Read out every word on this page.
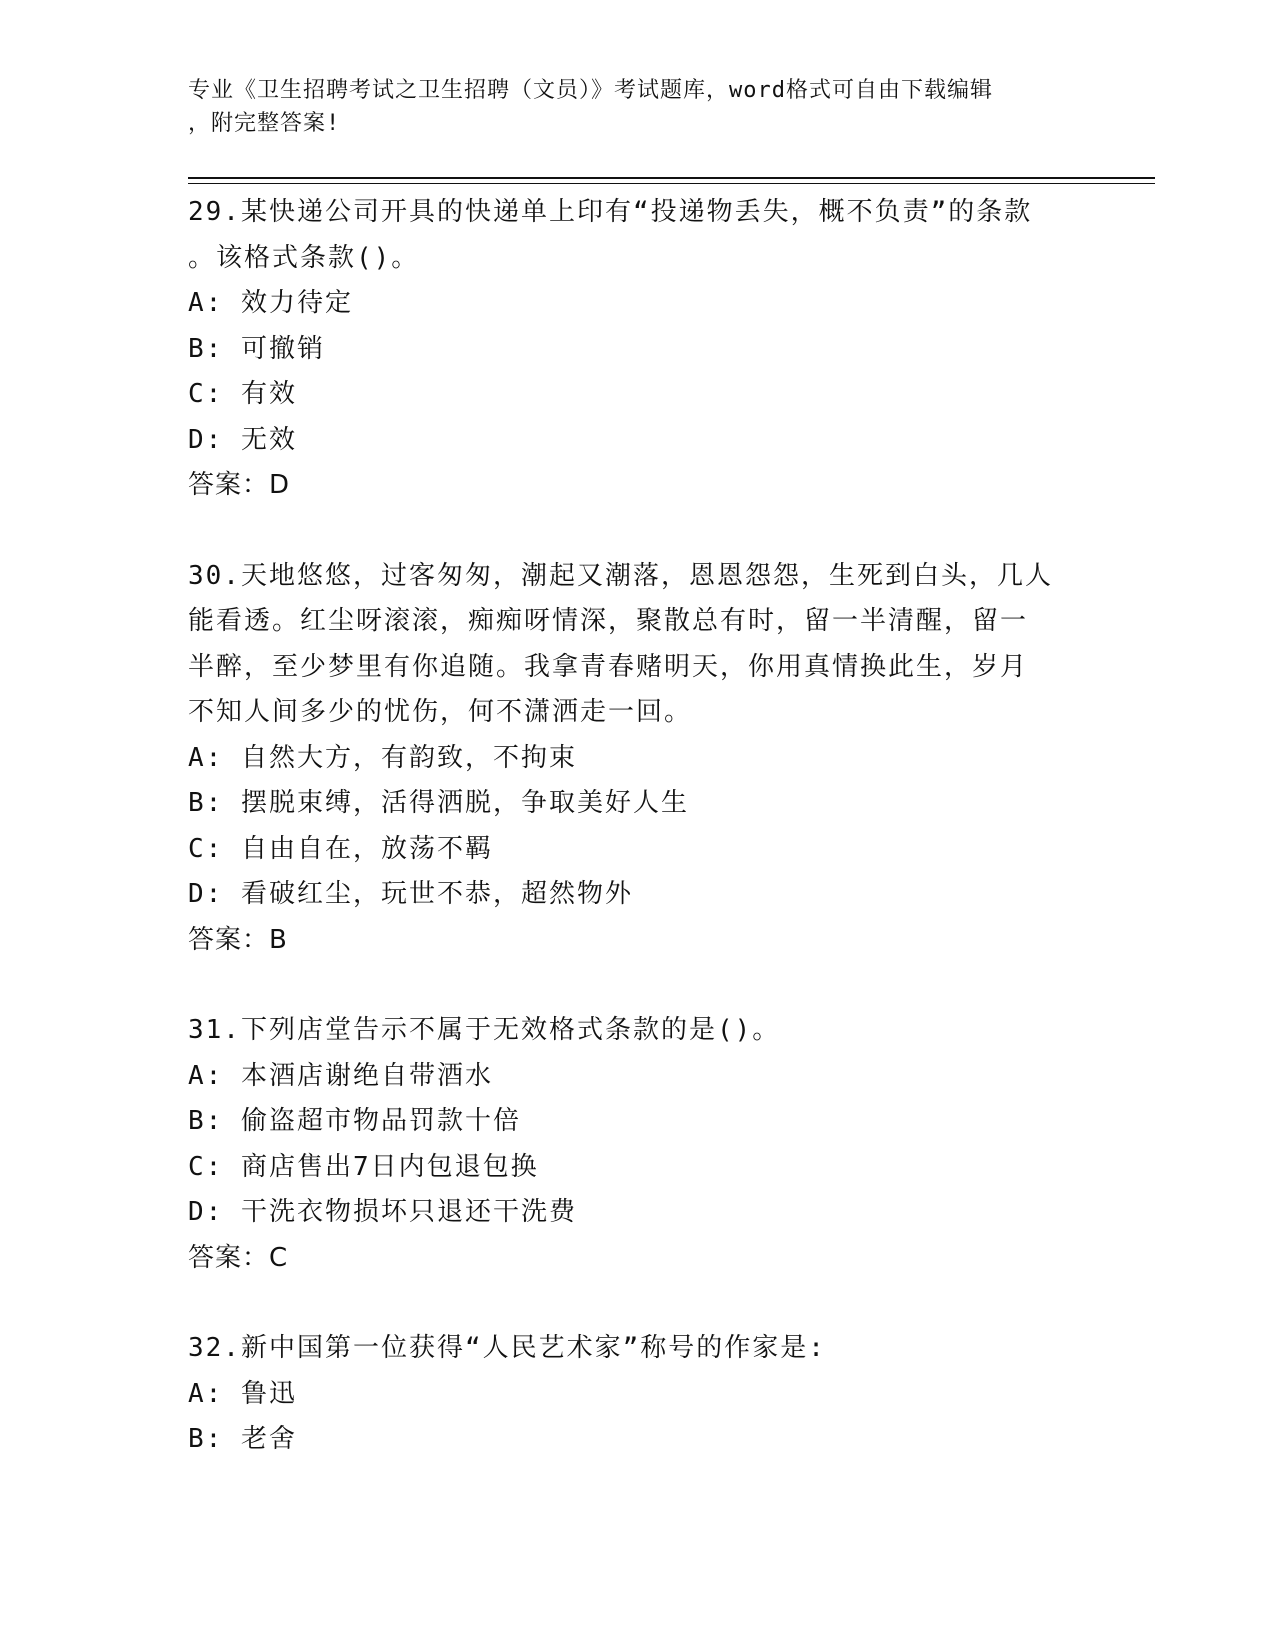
专业《卫生招聘考试之卫生招聘（文员）》考试题库，word格式可自由下载编辑
，附完整答案!
29.某快递公司开具的快递单上印有“投递物丢失，概不负责”的条款
。该格式条款()。
A: 效力待定
B: 可撤销
C: 有效
D: 无效
答案：D
30.天地悠悠，过客匆匆，潮起又潮落，恩恩怨怨，生死到白头，几人
能看透。红尘呀滚滚，痴痴呀情深，聚散总有时，留一半清醒，留一
半醉，至少梦里有你追随。我拿青春赌明天，你用真情换此生，岁月
不知人间多少的忧伤，何不潇洒走一回。
A: 自然大方，有韵致，不拘束
B: 摆脱束缚，活得洒脱，争取美好人生
C: 自由自在，放荡不羁
D: 看破红尘，玩世不恭，超然物外
答案：B
31.下列店堂告示不属于无效格式条款的是()。
A: 本酒店谢绝自带酒水
B: 偷盗超市物品罚款十倍
C: 商店售出7日内包退包换
D: 干洗衣物损坏只退还干洗费
答案：C
32.新中国第一位获得“人民艺术家”称号的作家是:
A: 鲁迅
B: 老舍
